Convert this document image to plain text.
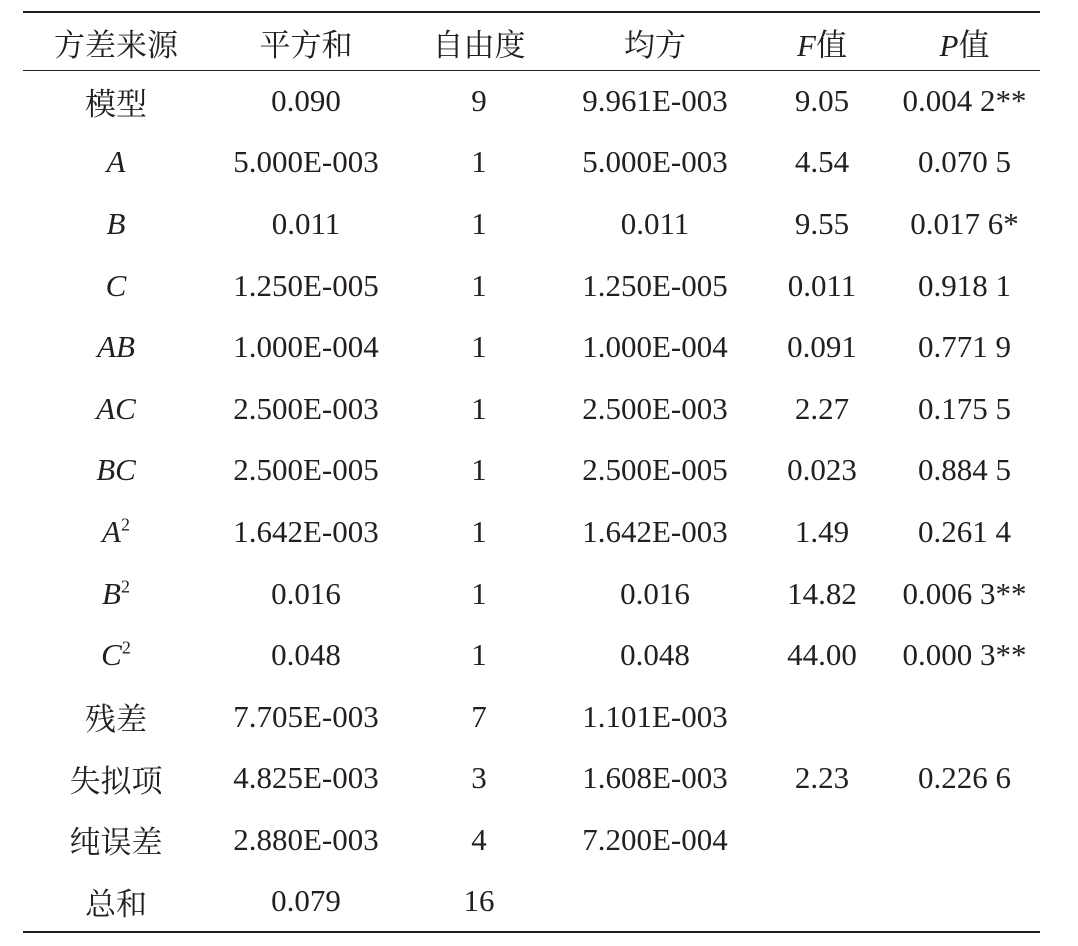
方差来源	平方和	自由度	均方	F值	P值
模型	0.090	9	9.961E-003	9.05	0.004 2**
A	5.000E-003	1	5.000E-003	4.54	0.070 5
B	0.011	1	0.011	9.55	0.017 6*
C	1.250E-005	1	1.250E-005	0.011	0.918 1
AB	1.000E-004	1	1.000E-004	0.091	0.771 9
AC	2.500E-003	1	2.500E-003	2.27	0.175 5
BC	2.500E-005	1	2.500E-005	0.023	0.884 5
$A^2$	1.642E-003	1	1.642E-003	1.49	0.261 4
$B^2$	0.016	1	0.016	14.82	0.006 3**
$C^2$	0.048	1	0.048	44.00	0.000 3**
残差	7.705E-003	7	1.101E-003		
失拟项	4.825E-003	3	1.608E-003	2.23	0.226 6
纯误差	2.880E-003	4	7.200E-004		
总和	0.079	16			
